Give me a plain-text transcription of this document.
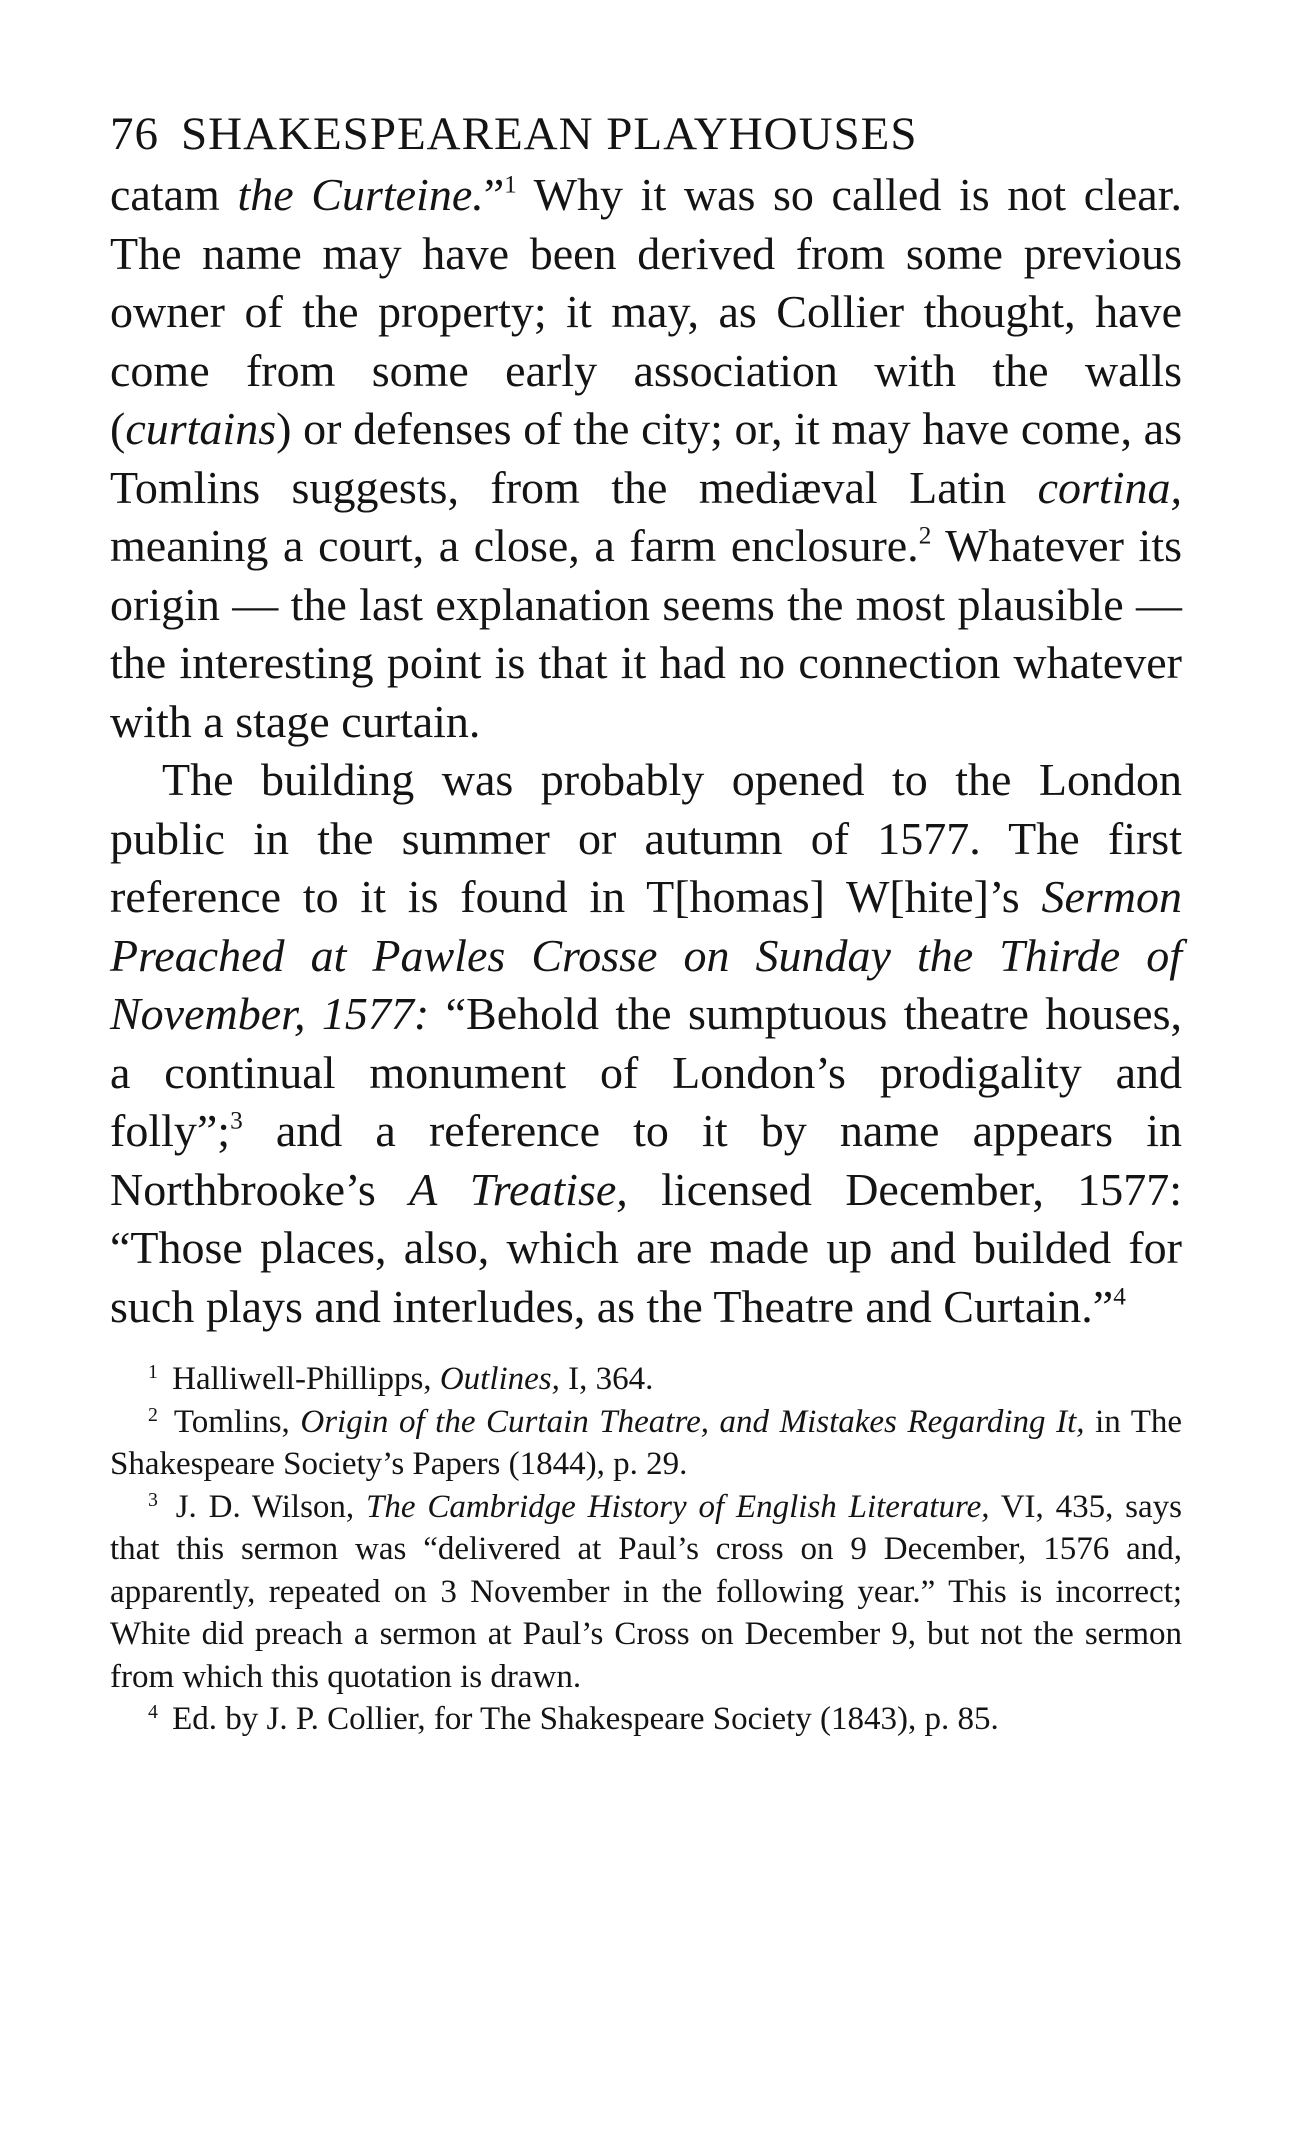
76 SHAKESPEAREAN PLAYHOUSES

catam the Curteine.”$^1$ Why it was so called is not clear. The name may have been derived from some previous owner of the property; it may, as Collier thought, have come from some early association with the walls (curtains) or defenses of the city; or, it may have come, as Tomlins suggests, from the mediæval Latin cortina, meaning a court, a close, a farm enclosure.$^2$ Whatever its origin — the last explanation seems the most plausible — the interesting point is that it had no connection whatever with a stage curtain.

The building was probably opened to the London public in the summer or autumn of 1577. The first reference to it is found in T[homas] W[hite]’s Sermon Preached at Pawles Crosse on Sunday the Thirde of November, 1577: “Behold the sumptuous theatre houses, a continual monument of London’s prodigality and folly”;$^3$ and a reference to it by name appears in Northbrooke’s A Treatise, licensed December, 1577: “Those places, also, which are made up and builded for such plays and interludes, as the Theatre and Curtain.”$^4$

$^1$ Halliwell-Phillipps, Outlines, I, 364.

$^2$ Tomlins, Origin of the Curtain Theatre, and Mistakes Regarding It, in The Shakespeare Society’s Papers (1844), p. 29.

$^3$ J. D. Wilson, The Cambridge History of English Literature, VI, 435, says that this sermon was “delivered at Paul’s cross on 9 December, 1576 and, apparently, repeated on 3 November in the following year.” This is incorrect; White did preach a sermon at Paul’s Cross on December 9, but not the sermon from which this quotation is drawn.

$^4$ Ed. by J. P. Collier, for The Shakespeare Society (1843), p. 85.
